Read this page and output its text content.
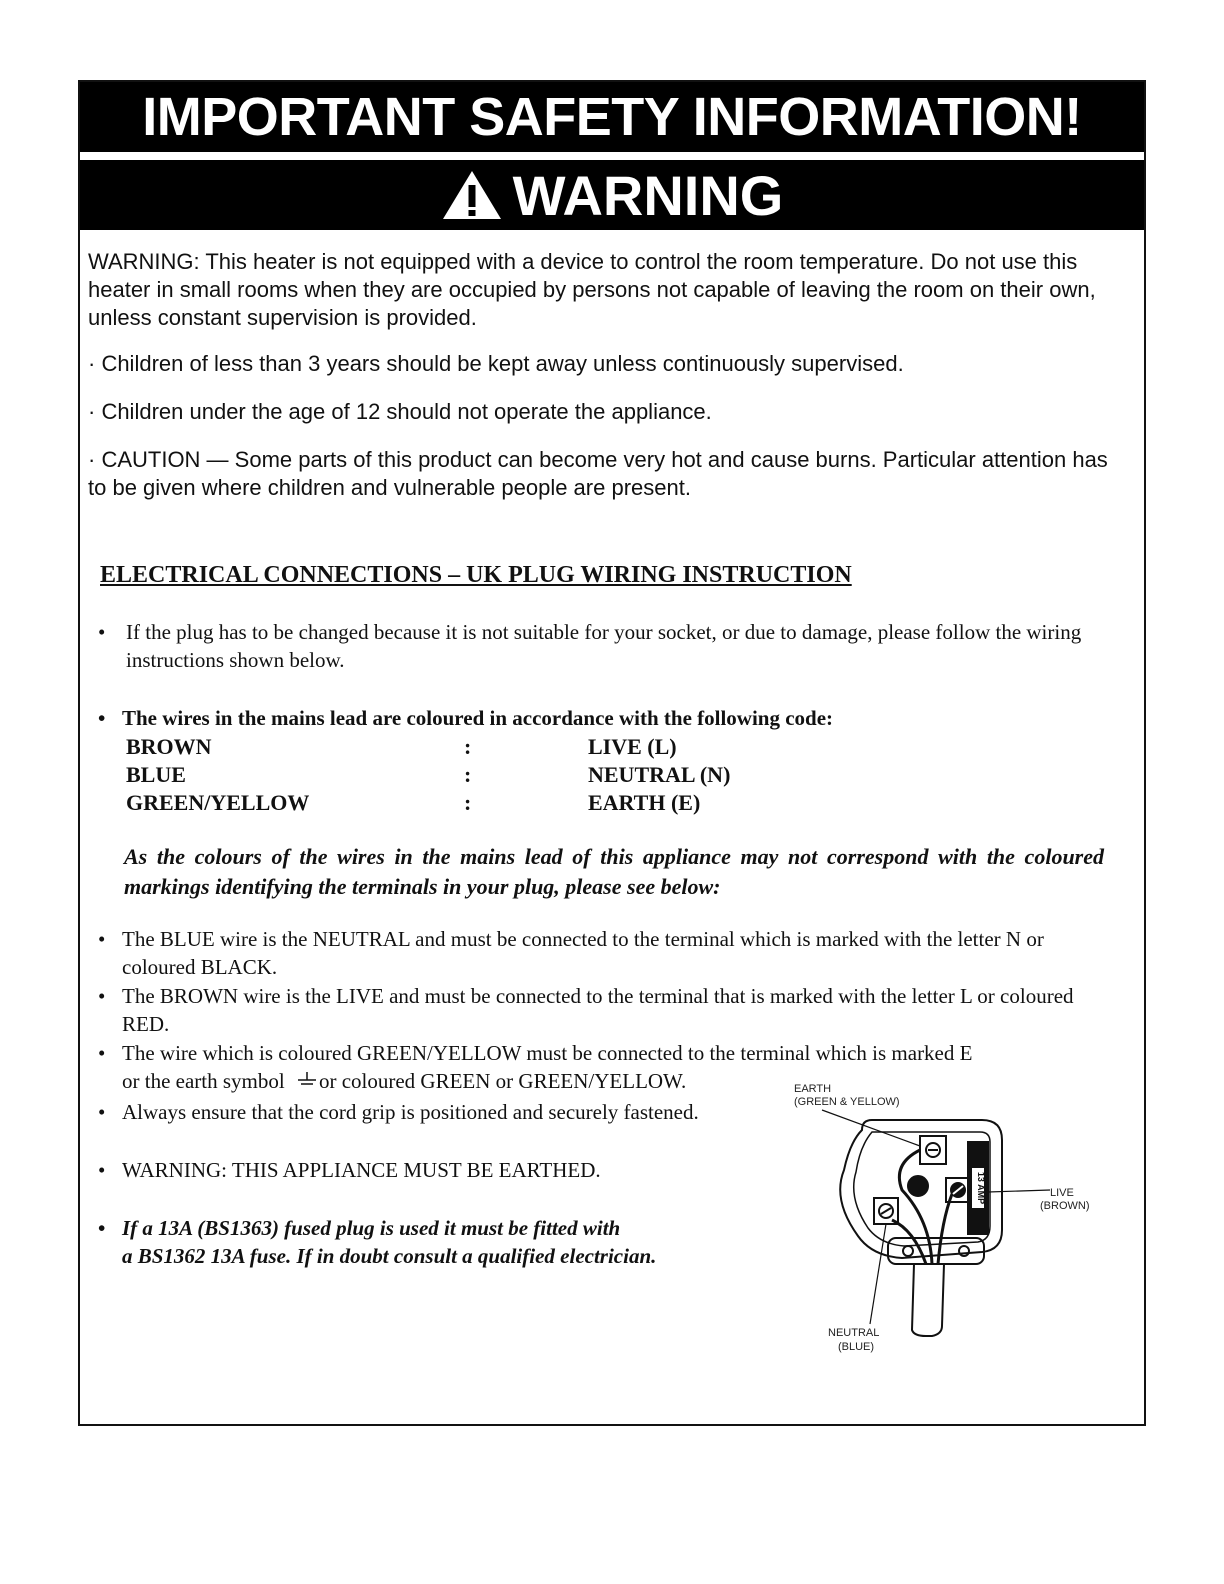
IMPORTANT SAFETY INFORMATION!
WARNING
WARNING: This heater is not equipped with a device to control the room temperature. Do not use this heater in small rooms when they are occupied by persons not capable of leaving the room on their own, unless constant supervision is provided.
· Children of less than 3 years should be kept away unless continuously supervised.
· Children under the age of 12 should not operate the appliance.
· CAUTION — Some parts of this product can become very hot and cause burns. Particular attention has to be given where children and vulnerable people are present.
ELECTRICAL CONNECTIONS – UK PLUG WIRING INSTRUCTION
• If the plug has to be changed because it is not suitable for your socket, or due to damage, please follow the wiring instructions shown below.
• The wires in the mains lead are coloured in accordance with the following code:
BROWN	:	LIVE (L)
BLUE	:	NEUTRAL (N)
GREEN/YELLOW	:	EARTH (E)
As the colours of the wires in the mains lead of this appliance may not correspond with the coloured markings identifying the terminals in your plug, please see below:
• The BLUE wire is the NEUTRAL and must be connected to the terminal which is marked with the letter N or coloured BLACK.
• The BROWN wire is the LIVE and must be connected to the terminal that is marked with the letter L or coloured RED.
• The wire which is coloured GREEN/YELLOW must be connected to the terminal which is marked E
or the earth symbol or coloured GREEN or GREEN/YELLOW.
• Always ensure that the cord grip is positioned and securely fastened.
• WARNING: THIS APPLIANCE MUST BE EARTHED.
• If a 13A (BS1363) fused plug is used it must be fitted with
a BS1362 13A fuse. If in doubt consult a qualified electrician.
EARTH
(GREEN & YELLOW)
LIVE
(BROWN)
NEUTRAL
(BLUE)
13 AMP
